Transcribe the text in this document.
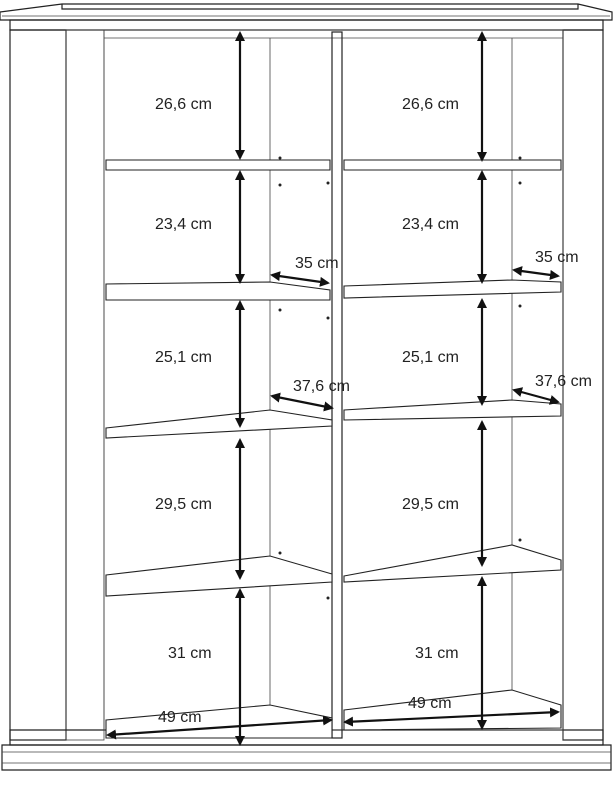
26,6 cm
23,4 cm
25,1 cm
29,5 cm
31 cm
26,6 cm
23,4 cm
25,1 cm
29,5 cm
31 cm
35 cm
37,6 cm
35 cm
37,6 cm
49 cm
49 cm
